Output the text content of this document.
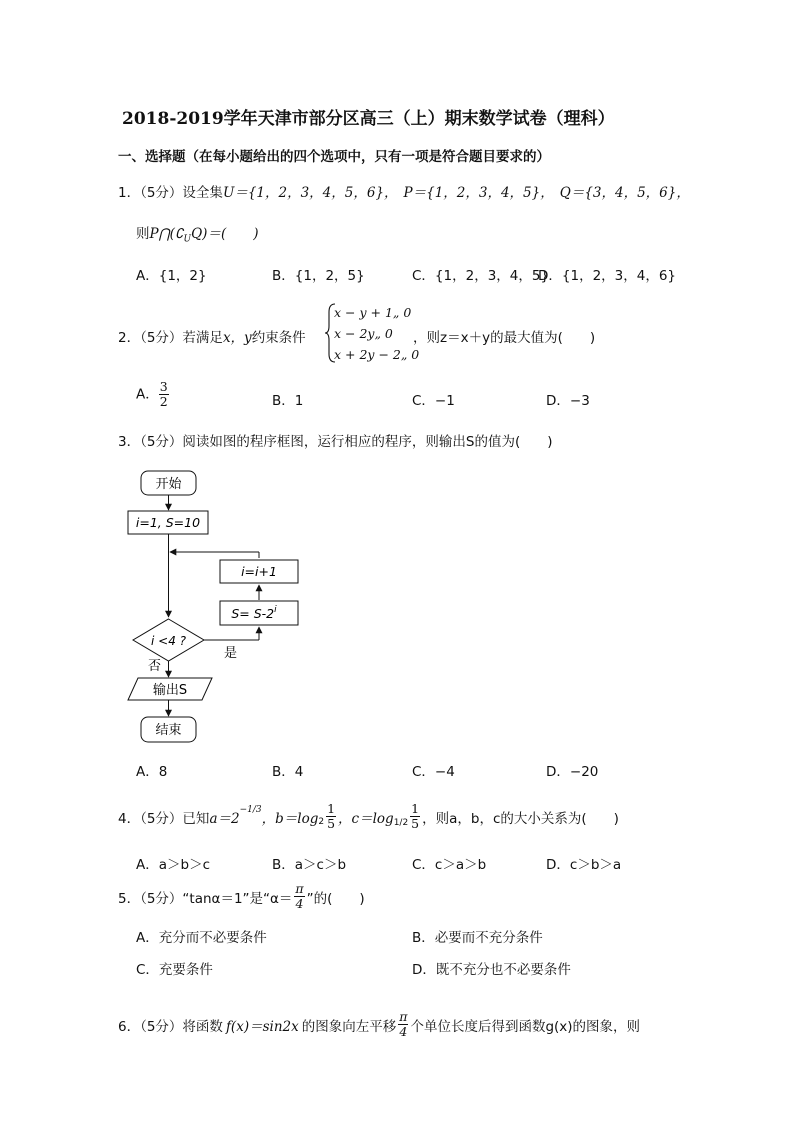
2018-2019学年天津市部分区高三（上）期末数学试卷（理科）
一、选择题（在每小题给出的四个选项中，只有一项是符合题目要求的）
1．（5分）设全集U＝{1，2，3，4，5，6}， P＝{1，2，3，4，5}， Q＝{3，4，5，6}，
则$P⋂(∁_UQ)=$(　　)
A．{1，2}	B．{1，2，5}	C．{1，2，3，4，5}
D．{1，2，3，4，6}
2．（5分）若满足x，y约束条件
x − y + 1„ 0
x − 2y„ 0
x + 2y − 2„ 0
，则z＝x＋y的最大值为(　　)
A． $\frac{3}{2}$	B．1	C．−1	D．−3
3．（5分）阅读如图的程序框图，运行相应的程序，则输出S的值为(　　)
开始
i=1, S=10
i=i+1
$S= S-2^i$
i <4 ?
是
否
输出S
结束
A．8	B．4	C．−4	D．−20
4．（5分）已知 a＝2
$^{-1/3}$
，$b=\log_2 \frac{1}{5}$ ，$c=\log_{1/2} \frac{1}{5}$ ，则a，b，c的大小关系为(　　)
A．a＞b＞c	B．a＞c＞b	C．c＞a＞b	D．c＞b＞a
5．（5分）“tanα＝1”是“$\alpha= \frac{\pi}{4}$ ”的(　　)
A．充分而不必要条件	B．必要而不充分条件
C．充要条件	D．既不充分也不必要条件
6．（5分）将函数 f(x)＝sin2x 的图象向左平移 $\frac{\pi}{4}$ 个单位长度后得到函数g(x)的图象，则
